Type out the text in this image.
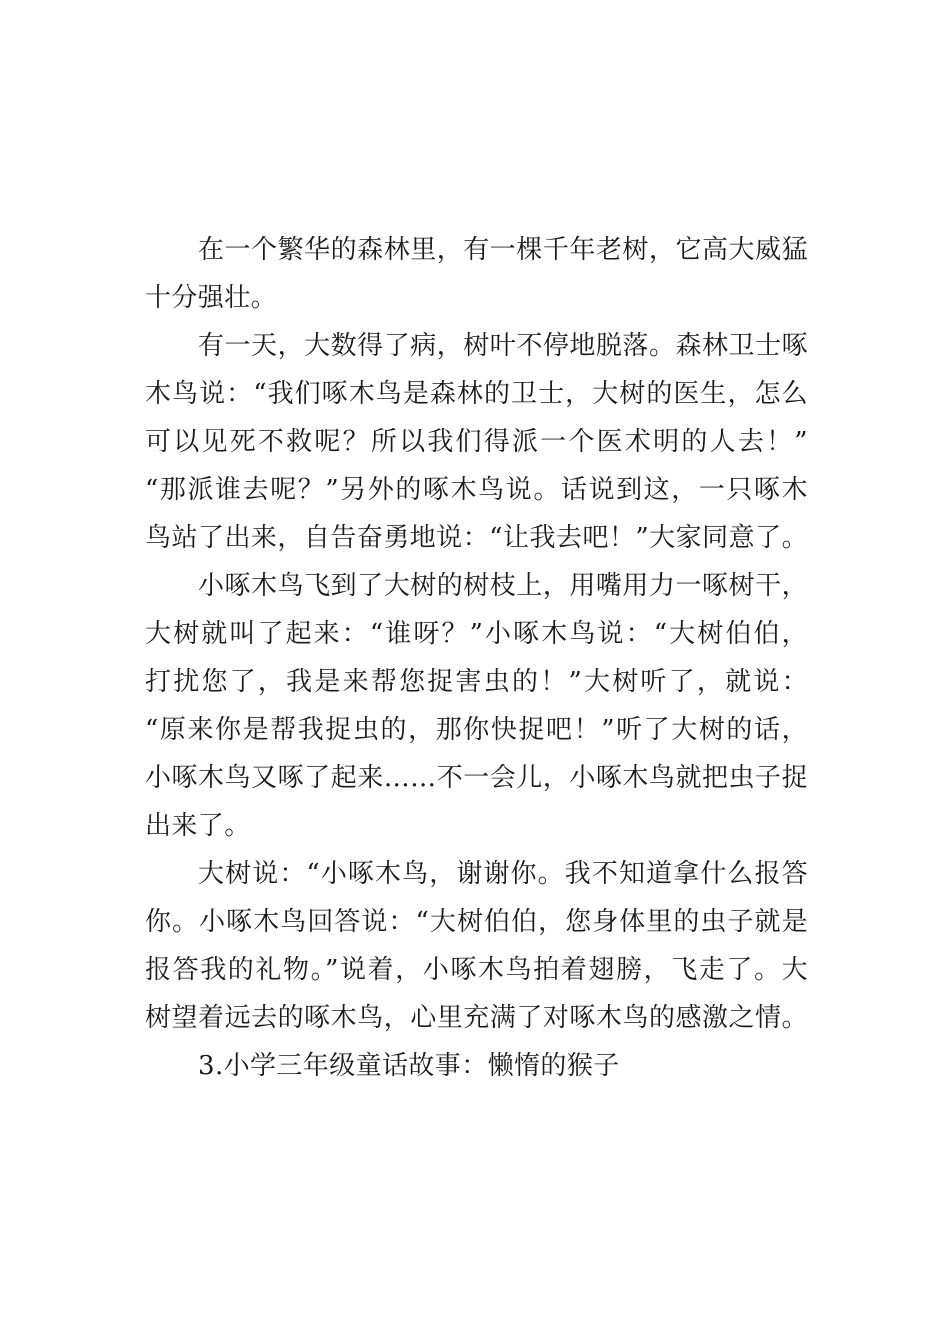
在一个繁华的森林里，有一棵千年老树，它高大威猛
十分强壮。
有一天，大数得了病，树叶不停地脱落。森林卫士啄
木鸟说：“我们啄木鸟是森林的卫士，大树的医生，怎么
可以见死不救呢？所以我们得派一个医术明的人去！”
“那派谁去呢？”另外的啄木鸟说。话说到这，一只啄木
鸟站了出来，自告奋勇地说：“让我去吧！”大家同意了。
小啄木鸟飞到了大树的树枝上，用嘴用力一啄树干，
大树就叫了起来：“谁呀？”小啄木鸟说：“大树伯伯，
打扰您了，我是来帮您捉害虫的！”大树听了，就说：
“原来你是帮我捉虫的，那你快捉吧！”听了大树的话，
小啄木鸟又啄了起来……不一会儿，小啄木鸟就把虫子捉
出来了。
大树说：“小啄木鸟，谢谢你。我不知道拿什么报答
你。小啄木鸟回答说：“大树伯伯，您身体里的虫子就是
报答我的礼物。”说着，小啄木鸟拍着翅膀，飞走了。大
树望着远去的啄木鸟，心里充满了对啄木鸟的感激之情。
3.小学三年级童话故事：懒惰的猴子
